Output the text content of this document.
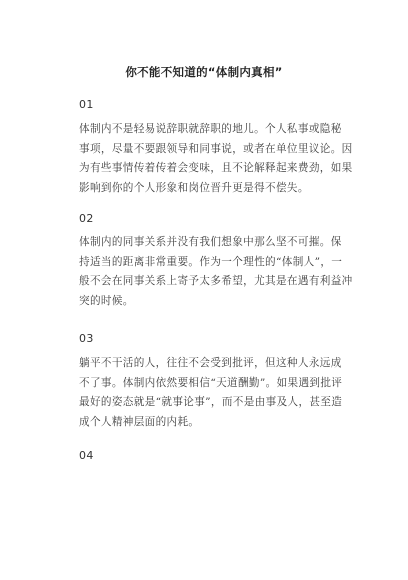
你不能不知道的“体制内真相”
01
体制内不是轻易说辞职就辞职的地儿。个人私事或隐秘
事项，尽量不要跟领导和同事说，或者在单位里议论。因
为有些事情传着传着会变味，且不论解释起来费劲，如果
影响到你的个人形象和岗位晋升更是得不偿失。
02
体制内的同事关系并没有我们想象中那么坚不可摧。保
持适当的距离非常重要。作为一个理性的“体制人”，一
般不会在同事关系上寄予太多希望，尤其是在遇有利益冲
突的时候。
03
躺平不干活的人，往往不会受到批评，但这种人永远成
不了事。体制内依然要相信“天道酬勤”。如果遇到批评
最好的姿态就是“就事论事”，而不是由事及人，甚至造
成个人精神层面的内耗。
04
